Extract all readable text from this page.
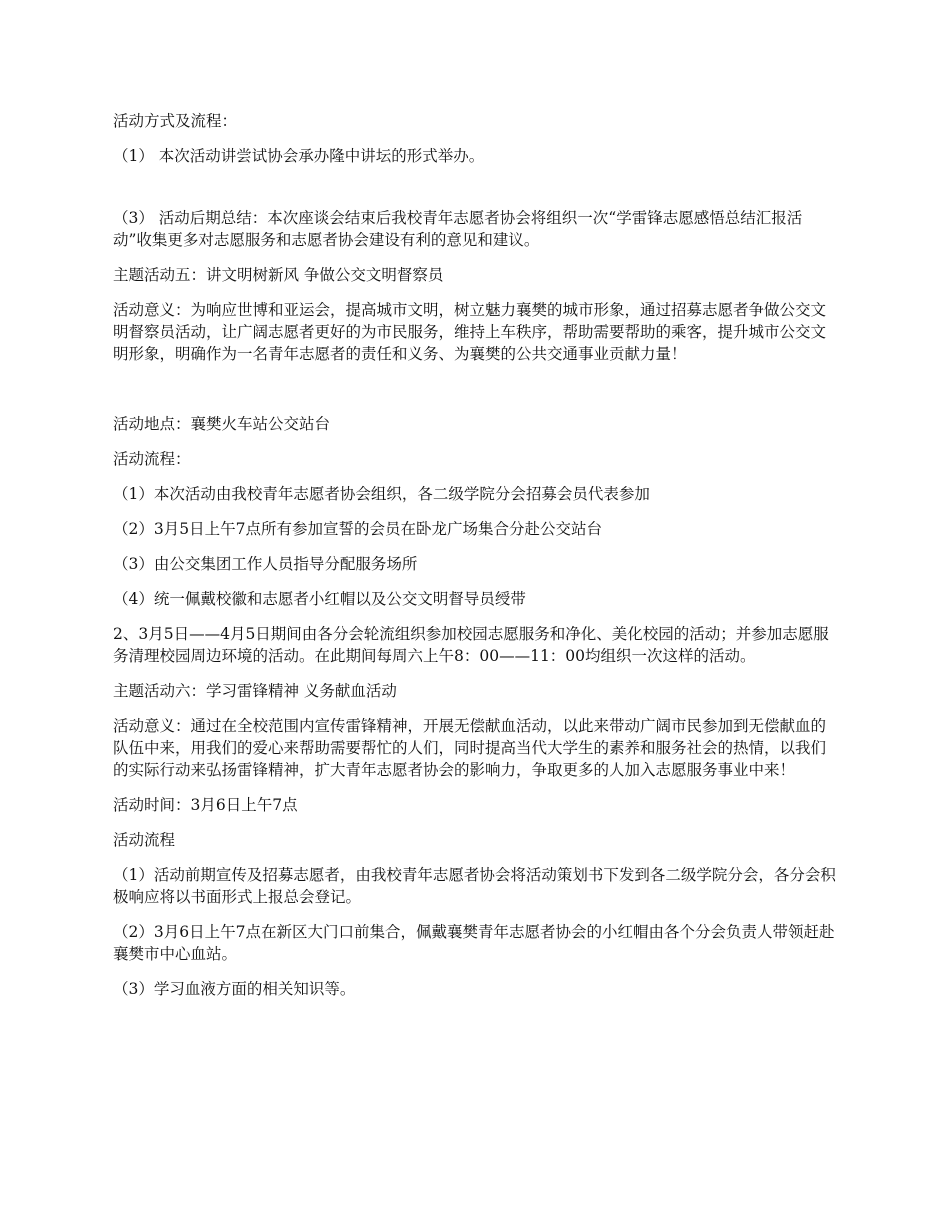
活动方式及流程：

（1） 本次活动讲尝试协会承办隆中讲坛的形式举办。

（3） 活动后期总结：本次座谈会结束后我校青年志愿者协会将组织一次“学雷锋志愿感悟总结汇报活动”收集更多对志愿服务和志愿者协会建设有利的意见和建议。

主题活动五：讲文明树新风 争做公交文明督察员

活动意义：为响应世博和亚运会，提高城市文明，树立魅力襄樊的城市形象，通过招募志愿者争做公交文明督察员活动，让广阔志愿者更好的为市民服务，维持上车秩序，帮助需要帮助的乘客，提升城市公交文明形象，明确作为一名青年志愿者的责任和义务、为襄樊的公共交通事业贡献力量！

活动地点：襄樊火车站公交站台

活动流程：

（1）本次活动由我校青年志愿者协会组织，各二级学院分会招募会员代表参加

（2）3月5日上午7点所有参加宣誓的会员在卧龙广场集合分赴公交站台

（3）由公交集团工作人员指导分配服务场所

（4）统一佩戴校徽和志愿者小红帽以及公交文明督导员绶带

2、3月5日——4月5日期间由各分会轮流组织参加校园志愿服务和净化、美化校园的活动；并参加志愿服务清理校园周边环境的活动。在此期间每周六上午8：00——11：00均组织一次这样的活动。

主题活动六：学习雷锋精神 义务献血活动

活动意义：通过在全校范围内宣传雷锋精神，开展无偿献血活动，以此来带动广阔市民参加到无偿献血的队伍中来，用我们的爱心来帮助需要帮忙的人们，同时提高当代大学生的素养和服务社会的热情，以我们的实际行动来弘扬雷锋精神，扩大青年志愿者协会的影响力，争取更多的人加入志愿服务事业中来！

活动时间：3月6日上午7点

活动流程

（1）活动前期宣传及招募志愿者，由我校青年志愿者协会将活动策划书下发到各二级学院分会，各分会积极响应将以书面形式上报总会登记。

（2）3月6日上午7点在新区大门口前集合，佩戴襄樊青年志愿者协会的小红帽由各个分会负责人带领赶赴襄樊市中心血站。

（3）学习血液方面的相关知识等。
